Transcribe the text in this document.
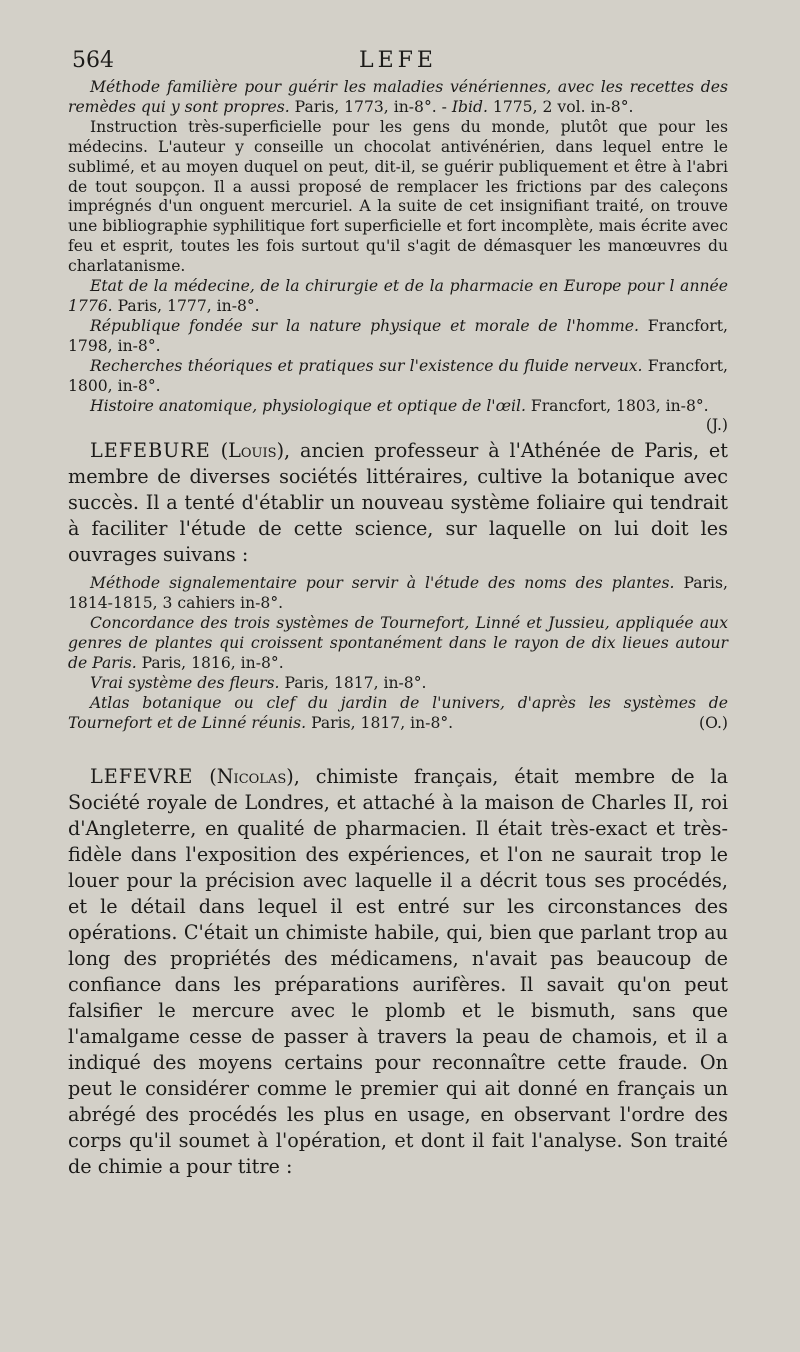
564	LEFE

Méthode familière pour guérir les maladies vénériennes, avec les recettes des remèdes qui y sont propres. Paris, 1773, in-8°. - Ibid. 1775, 2 vol. in-8°.

Instruction très-superficielle pour les gens du monde, plutôt que pour les médecins. L'auteur y conseille un chocolat antivénérien, dans lequel entre le sublimé, et au moyen duquel on peut, dit-il, se guérir publiquement et être à l'abri de tout soupçon. Il a aussi proposé de remplacer les frictions par des caleçons imprégnés d'un onguent mercuriel. A la suite de cet insignifiant traité, on trouve une bibliographie syphilitique fort superficielle et fort incomplète, mais écrite avec feu et esprit, toutes les fois surtout qu'il s'agit de démasquer les manœuvres du charlatanisme.

Etat de la médecine, de la chirurgie et de la pharmacie en Europe pour l année 1776. Paris, 1777, in-8°.

République fondée sur la nature physique et morale de l'homme. Francfort, 1798, in-8°.

Recherches théoriques et pratiques sur l'existence du fluide nerveux. Francfort, 1800, in-8°.

Histoire anatomique, physiologique et optique de l'œil. Francfort, 1803, in-8°.
(J.)

LEFEBURE (Louis), ancien professeur à l'Athénée de Paris, et membre de diverses sociétés littéraires, cultive la botanique avec succès. Il a tenté d'établir un nouveau système foliaire qui tendrait à faciliter l'étude de cette science, sur laquelle on lui doit les ouvrages suivans :

Méthode signalementaire pour servir à l'étude des noms des plantes. Paris, 1814-1815, 3 cahiers in-8°.

Concordance des trois systèmes de Tournefort, Linné et Jussieu, appliquée aux genres de plantes qui croissent spontanément dans le rayon de dix lieues autour de Paris. Paris, 1816, in-8°.

Vrai système des fleurs. Paris, 1817, in-8°.

Atlas botanique ou clef du jardin de l'univers, d'après les systèmes de Tournefort et de Linné réunis. Paris, 1817, in-8°.	(O.)

LEFEVRE (Nicolas), chimiste français, était membre de la Société royale de Londres, et attaché à la maison de Charles II, roi d'Angleterre, en qualité de pharmacien. Il était très-exact et très-fidèle dans l'exposition des expériences, et l'on ne saurait trop le louer pour la précision avec laquelle il a décrit tous ses procédés, et le détail dans lequel il est entré sur les circonstances des opérations. C'était un chimiste habile, qui, bien que parlant trop au long des propriétés des médicamens, n'avait pas beaucoup de confiance dans les préparations aurifères. Il savait qu'on peut falsifier le mercure avec le plomb et le bismuth, sans que l'amalgame cesse de passer à travers la peau de chamois, et il a indiqué des moyens certains pour reconnaître cette fraude. On peut le considérer comme le premier qui ait donné en français un abrégé des procédés les plus en usage, en observant l'ordre des corps qu'il soumet à l'opération, et dont il fait l'analyse. Son traité de chimie a pour titre :
